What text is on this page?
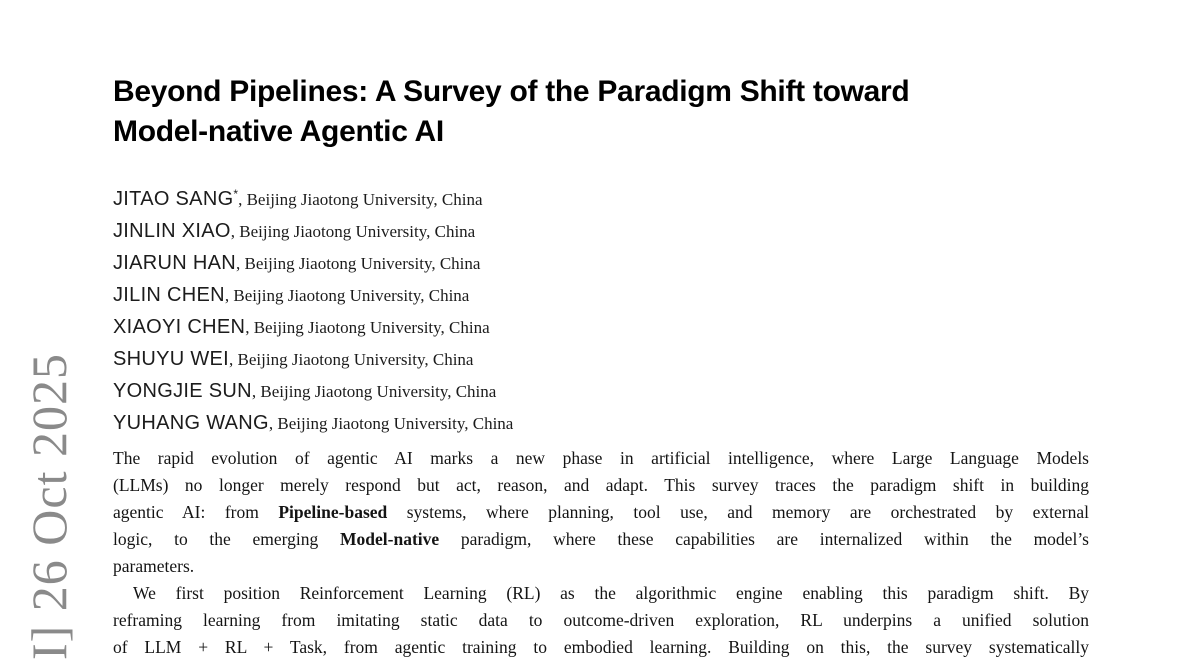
I] 26 Oct 2025
Beyond Pipelines: A Survey of the Paradigm Shift toward
Model-native Agentic AI
JITAO SANG*, Beijing Jiaotong University, China
JINLIN XIAO, Beijing Jiaotong University, China
JIARUN HAN, Beijing Jiaotong University, China
JILIN CHEN, Beijing Jiaotong University, China
XIAOYI CHEN, Beijing Jiaotong University, China
SHUYU WEI, Beijing Jiaotong University, China
YONGJIE SUN, Beijing Jiaotong University, China
YUHANG WANG, Beijing Jiaotong University, China
The rapid evolution of agentic AI marks a new phase in artificial intelligence, where Large Language Models
(LLMs) no longer merely respond but act, reason, and adapt. This survey traces the paradigm shift in building
agentic AI: from Pipeline-based systems, where planning, tool use, and memory are orchestrated by external
logic, to the emerging Model-native paradigm, where these capabilities are internalized within the model’s
parameters.
We first position Reinforcement Learning (RL) as the algorithmic engine enabling this paradigm shift. By
reframing learning from imitating static data to outcome-driven exploration, RL underpins a unified solution
of LLM + RL + Task, from agentic training to embodied learning. Building on this, the survey systematically
